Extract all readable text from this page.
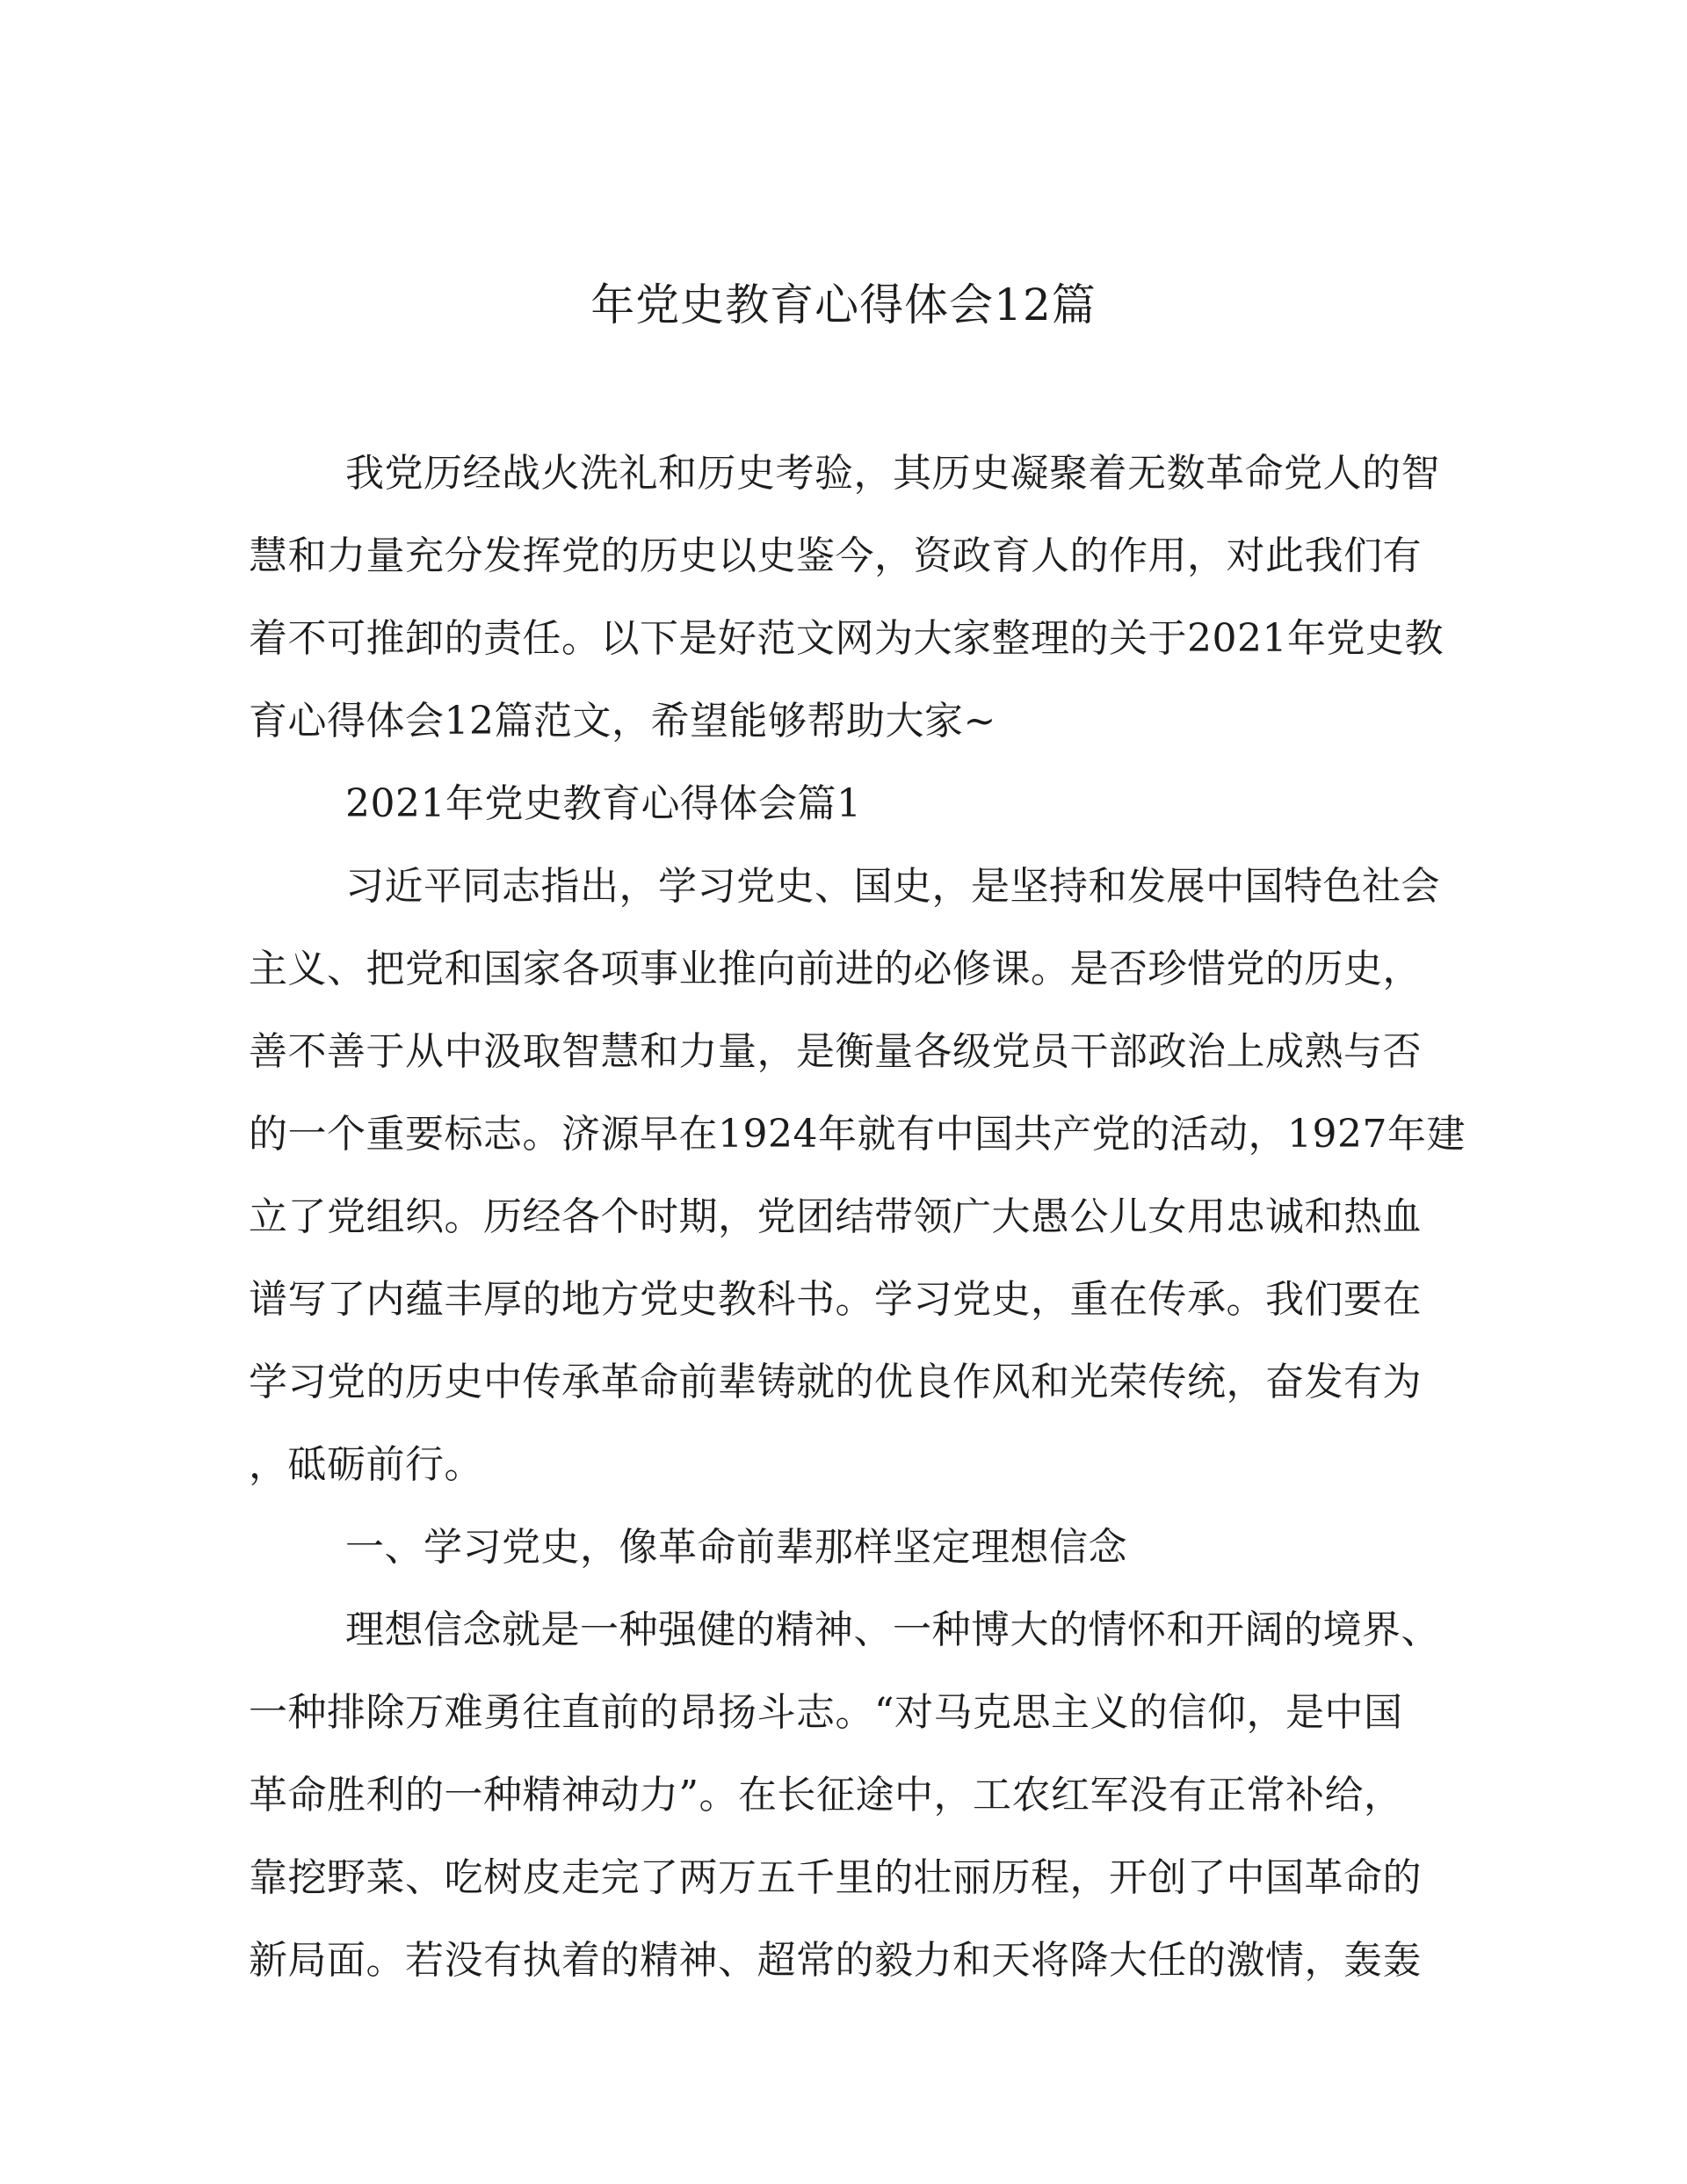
年党史教育心得体会12篇
我党历经战火洗礼和历史考验，其历史凝聚着无数革命党人的智
慧和力量充分发挥党的历史以史鉴今，资政育人的作用，对此我们有
着不可推卸的责任。以下是好范文网为大家整理的关于2021年党史教
育心得体会12篇范文，希望能够帮助大家~
2021年党史教育心得体会篇1
习近平同志指出，学习党史、国史，是坚持和发展中国特色社会
主义、把党和国家各项事业推向前进的必修课。是否珍惜党的历史，
善不善于从中汲取智慧和力量，是衡量各级党员干部政治上成熟与否
的一个重要标志。济源早在1924年就有中国共产党的活动，1927年建
立了党组织。历经各个时期，党团结带领广大愚公儿女用忠诚和热血
谱写了内蕴丰厚的地方党史教科书。学习党史，重在传承。我们要在
学习党的历史中传承革命前辈铸就的优良作风和光荣传统，奋发有为
，砥砺前行。
一、学习党史，像革命前辈那样坚定理想信念
理想信念就是一种强健的精神、一种博大的情怀和开阔的境界、
一种排除万难勇往直前的昂扬斗志。“对马克思主义的信仰，是中国
革命胜利的一种精神动力”。在长征途中，工农红军没有正常补给，
靠挖野菜、吃树皮走完了两万五千里的壮丽历程，开创了中国革命的
新局面。若没有执着的精神、超常的毅力和天将降大任的激情，轰轰
